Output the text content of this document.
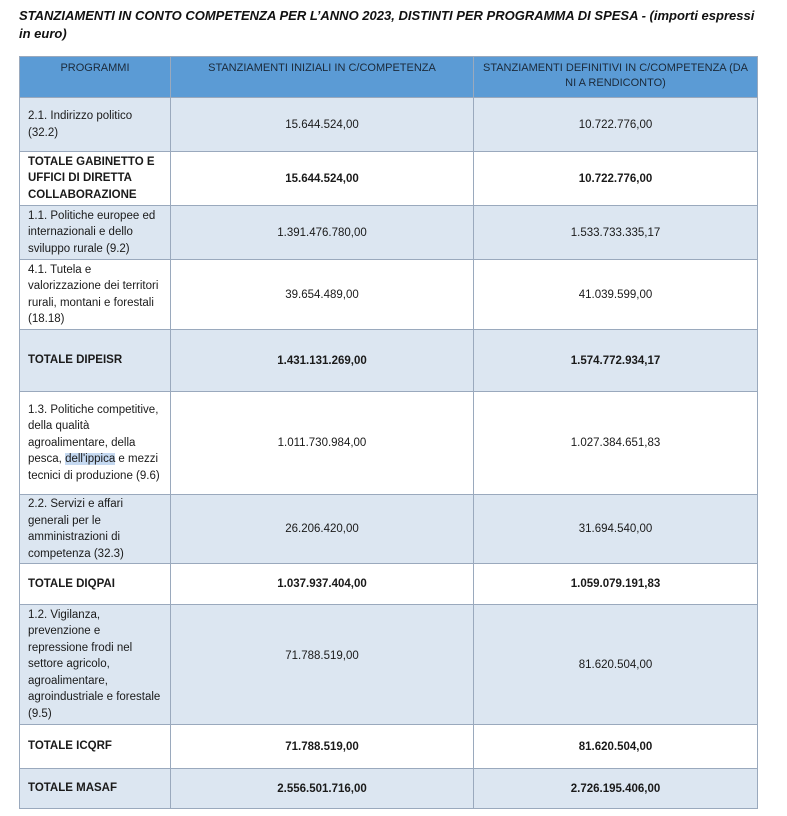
STANZIAMENTI IN CONTO COMPETENZA PER L’ANNO 2023, DISTINTI PER PROGRAMMA DI SPESA - (importi espressi in euro)
PROGRAMMI	STANZIAMENTI INIZIALI IN C/COMPETENZA	STANZIAMENTI DEFINITIVI IN C/COMPETENZA (DA NI A RENDICONTO)
2.1. Indirizzo politico (32.2)	15.644.524,00	10.722.776,00
TOTALE GABINETTO E UFFICI DI DIRETTA COLLABORAZIONE	15.644.524,00	10.722.776,00
1.1. Politiche europee ed internazionali e dello sviluppo rurale (9.2)	1.391.476.780,00	1.533.733.335,17
4.1. Tutela e valorizzazione dei territori rurali, montani e forestali (18.18)	39.654.489,00	41.039.599,00
TOTALE DIPEISR	1.431.131.269,00	1.574.772.934,17
1.3. Politiche competitive, della qualità agroalimentare, della pesca, dell'ippica e mezzi tecnici di produzione (9.6)	1.011.730.984,00	1.027.384.651,83
2.2. Servizi e affari generali per le amministrazioni di competenza (32.3)	26.206.420,00	31.694.540,00
TOTALE DIQPAI	1.037.937.404,00	1.059.079.191,83
1.2. Vigilanza, prevenzione e repressione frodi nel settore agricolo, agroalimentare, agroindustriale e forestale (9.5)	71.788.519,00	81.620.504,00
TOTALE ICQRF	71.788.519,00	81.620.504,00
TOTALE MASAF	2.556.501.716,00	2.726.195.406,00
